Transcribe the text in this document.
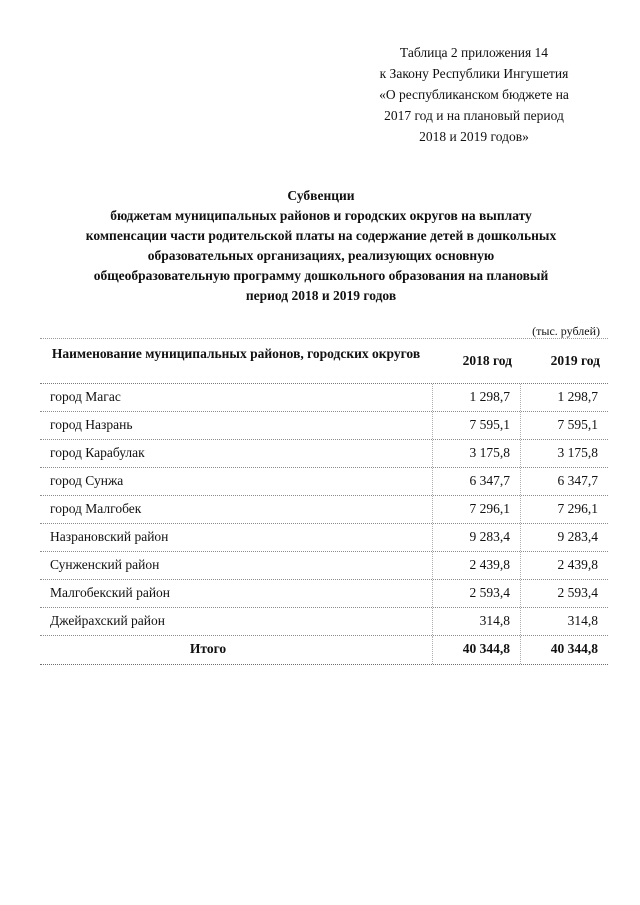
Таблица 2 приложения 14
к Закону Республики Ингушетия
«О республиканском бюджете на
2017 год и на плановый период
2018 и 2019 годов»
Субвенции
бюджетам муниципальных районов и городских округов на выплату
компенсации части родительской платы на содержание детей в дошкольных
образовательных организациях, реализующих основную
общеобразовательную программу дошкольного образования на плановый
период 2018 и 2019 годов
(тыс. рублей)
Наименование муниципальных районов, городских округов	2018 год	2019 год
город Магас	1 298,7	1 298,7
город Назрань	7 595,1	7 595,1
город Карабулак	3 175,8	3 175,8
город Сунжа	6 347,7	6 347,7
город Малгобек	7 296,1	7 296,1
Назрановский район	9 283,4	9 283,4
Сунженский район	2 439,8	2 439,8
Малгобекский район	2 593,4	2 593,4
Джейрахский район	314,8	314,8
Итого	40 344,8	40 344,8
